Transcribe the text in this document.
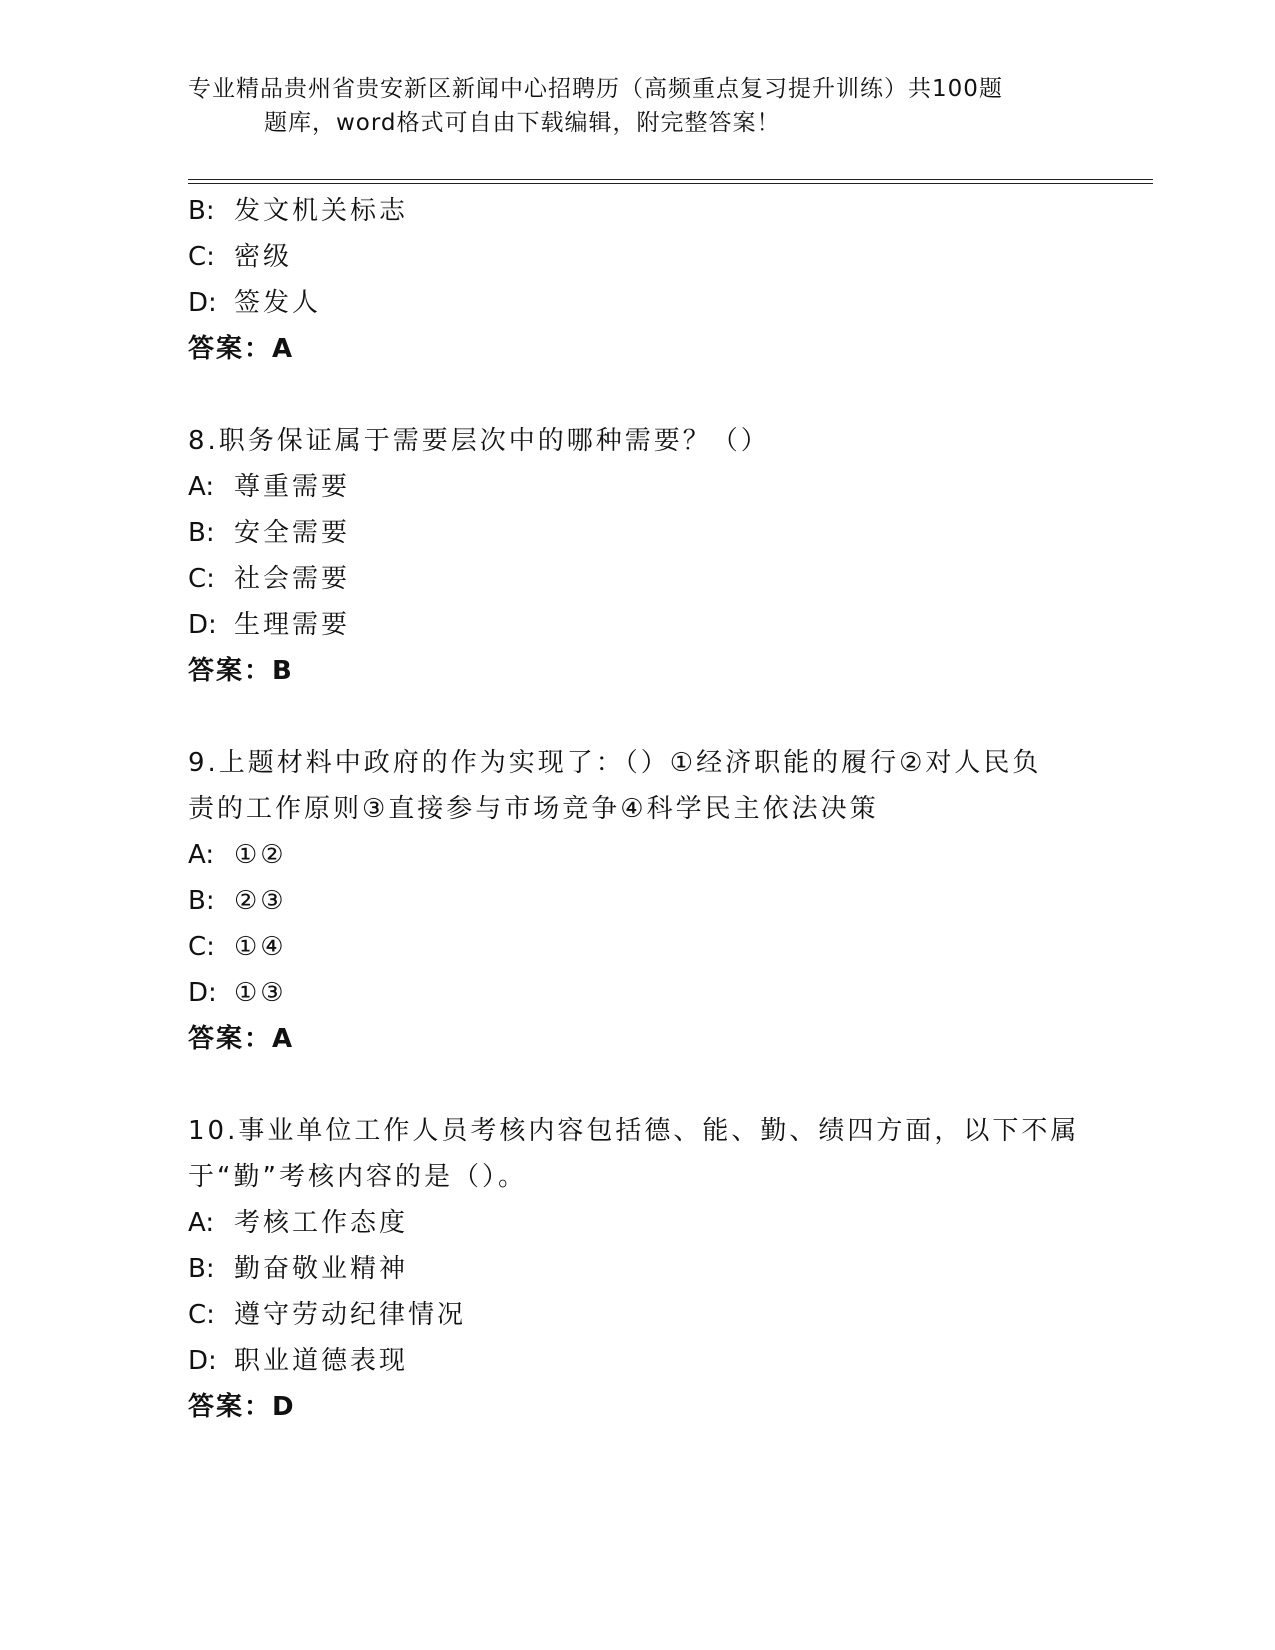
专业精品贵州省贵安新区新闻中心招聘历（高频重点复习提升训练）共100题
题库，word格式可自由下载编辑，附完整答案！
B: 发文机关标志
C: 密级
D: 签发人
答案：A
8.职务保证属于需要层次中的哪种需要？（）
A: 尊重需要
B: 安全需要
C: 社会需要
D: 生理需要
答案：B
9.上题材料中政府的作为实现了：（）①经济职能的履行②对人民负
责的工作原则③直接参与市场竞争④科学民主依法决策
A: ①②
B: ②③
C: ①④
D: ①③
答案：A
10.事业单位工作人员考核内容包括德、能、勤、绩四方面，以下不属
于“勤”考核内容的是（）。
A: 考核工作态度
B: 勤奋敬业精神
C: 遵守劳动纪律情况
D: 职业道德表现
答案：D
